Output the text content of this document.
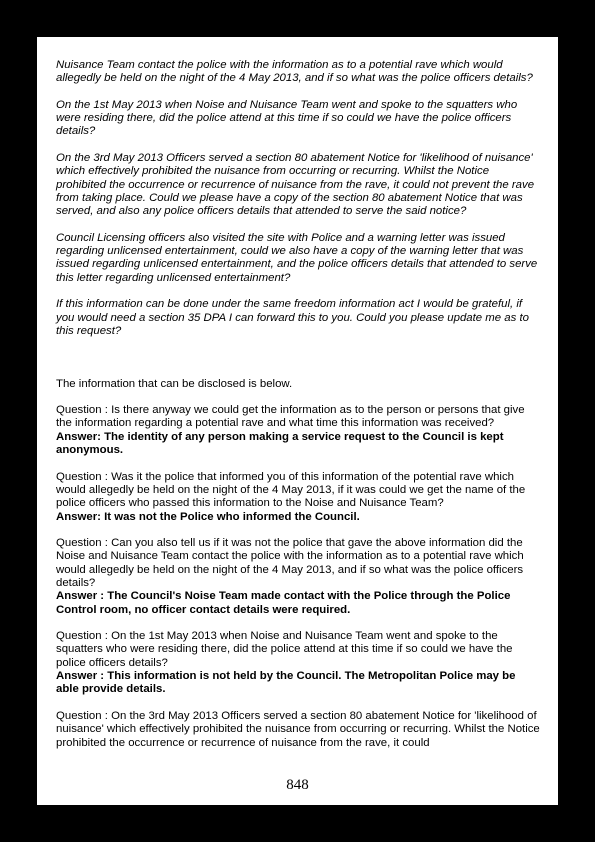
Nuisance Team contact the police with the information as to a potential rave which would allegedly be held on the night of the 4 May 2013, and if so what was the police officers details?

On the 1st May 2013 when Noise and Nuisance Team went and spoke to the squatters who were residing there, did the police attend at this time if so could we have the police officers details?

On the 3rd May 2013 Officers served a section 80 abatement Notice for 'likelihood of nuisance' which effectively prohibited the nuisance from occurring or recurring. Whilst the Notice prohibited the occurrence or recurrence of nuisance from the rave, it could not prevent the rave from taking place. Could we please have a copy of the section 80 abatement Notice that was served, and also any police officers details that attended to serve the said notice?

Council Licensing officers also visited the site with Police and a warning letter was issued regarding unlicensed entertainment, could we also have a copy of the warning letter that was issued regarding unlicensed entertainment, and the police officers details that attended to serve this letter regarding unlicensed entertainment?

If this information can be done under the same freedom information act I would be grateful, if you would need a section 35 DPA I can forward this to you. Could you please update me as to this request?

The information that can be disclosed is below.

Question : Is there anyway we could get the information as to the person or persons that give the information regarding a potential rave and what time this information was received?
Answer: The identity of any person making a service request to the Council is kept anonymous.
Question : Was it the police that informed you of this information of the potential rave which would allegedly be held on the night of the 4 May 2013, if it was could we get the name of the police officers who passed this information to the Noise and Nuisance Team?
Answer: It was not the Police who informed the Council.
Question : Can you also tell us if it was not the police that gave the above information did the Noise and Nuisance Team contact the police with the information as to a potential rave which would allegedly be held on the night of the 4 May 2013, and if so what was the police officers details?
Answer : The Council's Noise Team made contact with the Police through the Police Control room, no officer contact details were required.
Question : On the 1st May 2013 when Noise and Nuisance Team went and spoke to the squatters who were residing there, did the police attend at this time if so could we have the police officers details?
Answer : This information is not held by the Council. The Metropolitan Police may be able provide details.
Question : On the 3rd May 2013 Officers served a section 80 abatement Notice for 'likelihood of nuisance' which effectively prohibited the nuisance from occurring or recurring. Whilst the Notice prohibited the occurrence or recurrence of nuisance from the rave, it could
848
